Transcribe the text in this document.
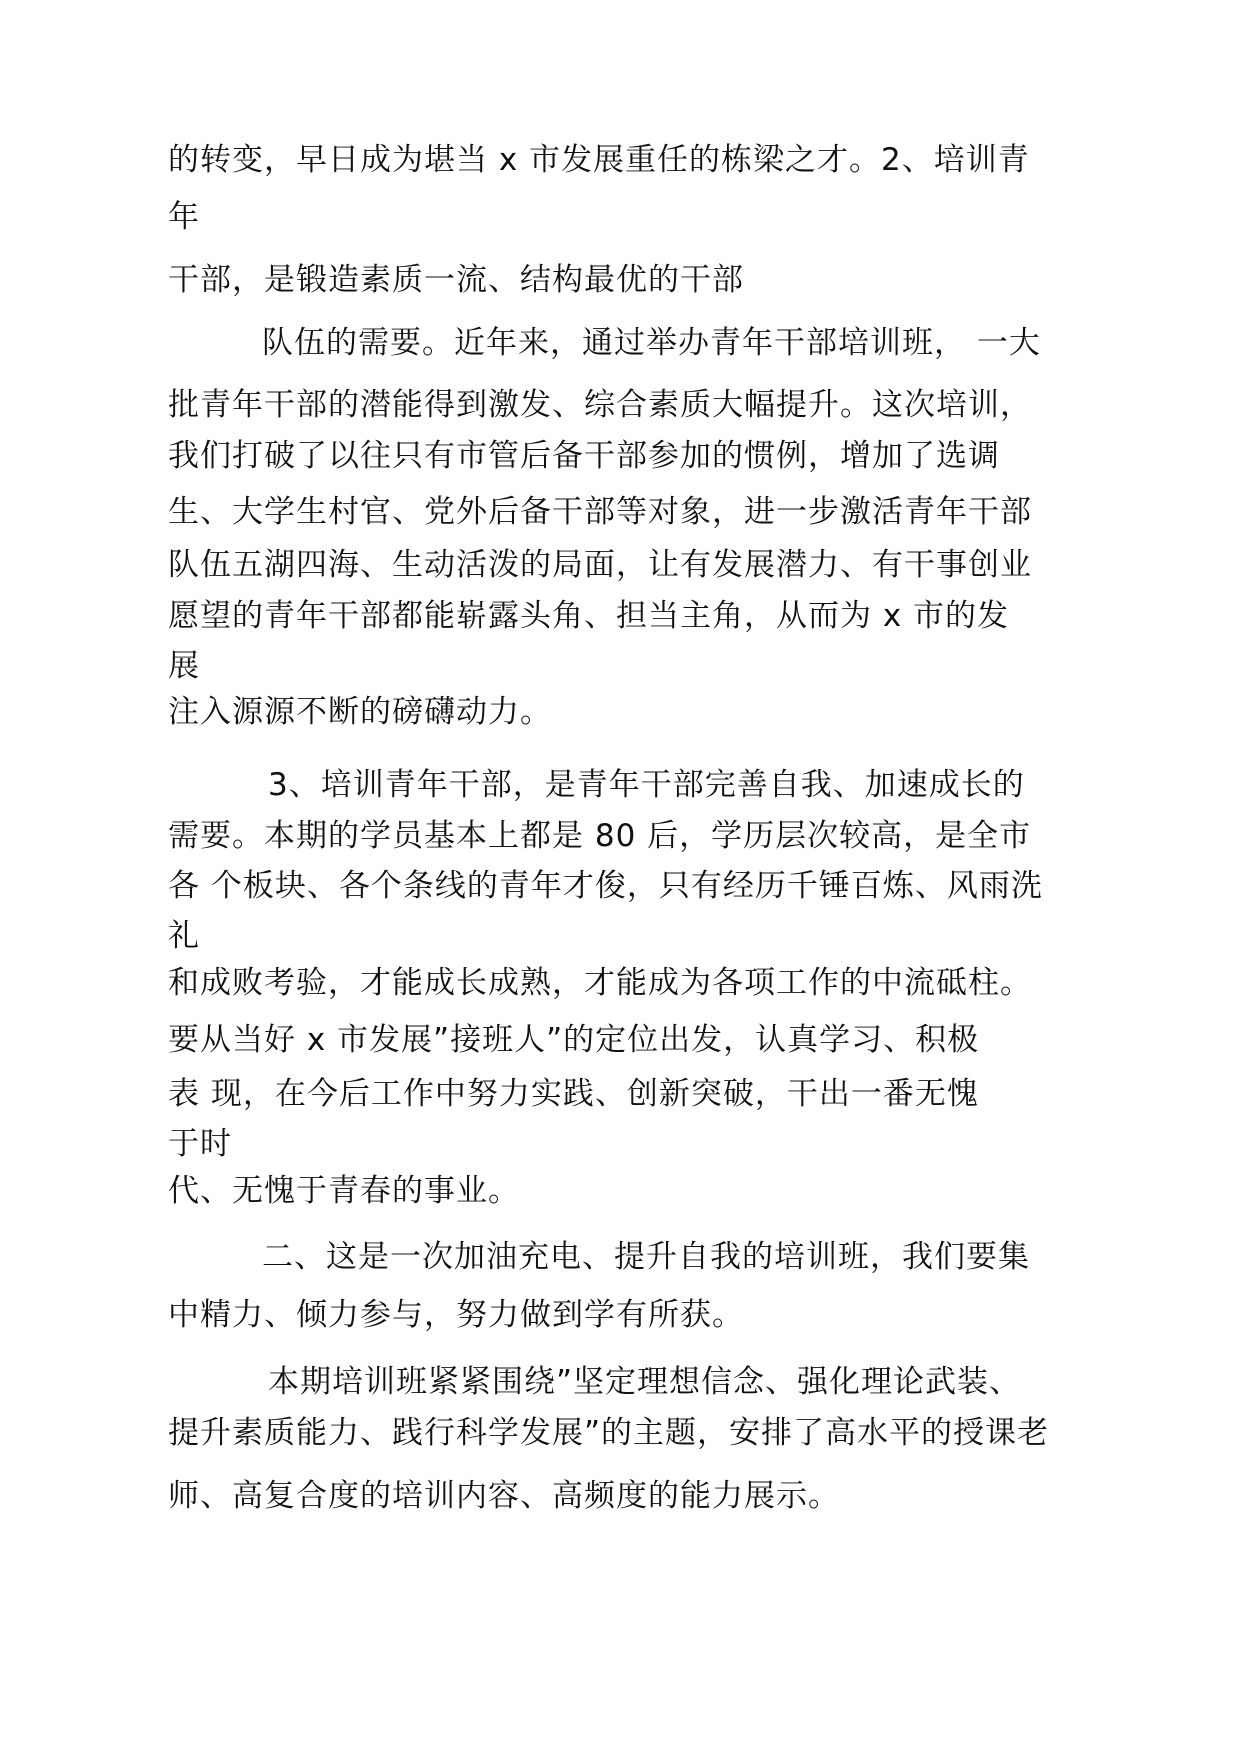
的转变，早日成为堪当 x 市发展重任的栋梁之才。2、培训青
年
干部，是锻造素质一流、结构最优的干部
队伍的需要。近年来，通过举办青年干部培训班， 一大
批青年干部的潜能得到激发、综合素质大幅提升。这次培训，
我们打破了以往只有市管后备干部参加的惯例，增加了选调
生、大学生村官、党外后备干部等对象，进一步激活青年干部
队伍五湖四海、生动活泼的局面，让有发展潜力、有干事创业
愿望的青年干部都能崭露头角、担当主角，从而为 x 市的发
展
注入源源不断的磅礴动力。
3、培训青年干部，是青年干部完善自我、加速成长的
需要。本期的学员基本上都是 80 后，学历层次较高，是全市
各 个板块、各个条线的青年才俊，只有经历千锤百炼、风雨洗
礼
和成败考验，才能成长成熟，才能成为各项工作的中流砥柱。
要从当好 x 市发展”接班人”的定位出发，认真学习、积极
表 现，在今后工作中努力实践、创新突破，干出一番无愧
于时
代、无愧于青春的事业。
二、这是一次加油充电、提升自我的培训班，我们要集
中精力、倾力参与，努力做到学有所获。
本期培训班紧紧围绕”坚定理想信念、强化理论武装、
提升素质能力、践行科学发展”的主题，安排了高水平的授课老
师、高复合度的培训内容、高频度的能力展示。
